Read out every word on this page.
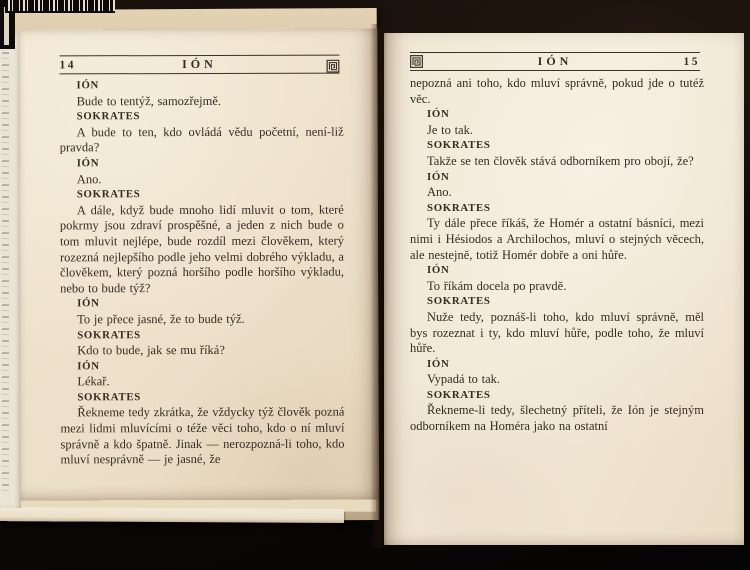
14	IÓN
IÓN

Bude to tentýž, samozřejmě.

SOKRATES

A bude to ten, kdo ovládá vědu početní, není-liž pravda?

IÓN

Ano.

SOKRATES

A dále, když bude mnoho lidí mluvit o tom, které pokrmy jsou zdraví prospěšné, a jeden z nich bude o tom mluvit nejlépe, bude rozdíl mezi člověkem, který rozezná nejlepšího podle jeho velmi dobrého výkladu, a člověkem, který pozná horšího podle horšího výkladu, nebo to bude týž?

IÓN

To je přece jasné, že to bude týž.

SOKRATES

Kdo to bude, jak se mu říká?

IÓN

Lékař.

SOKRATES

Řekneme tedy zkrátka, že vždycky týž člověk pozná mezi lidmi mluvícími o téže věci toho, kdo o ní mluví správně a kdo špatně. Jinak — nerozpozná-li toho, kdo mluví nesprávně — je jasné, že

IÓN	15

nepozná ani toho, kdo mluví správně, pokud jde o tutéž věc.

IÓN

Je to tak.

SOKRATES

Takže se ten člověk stává odborníkem pro obojí, že?

IÓN

Ano.

SOKRATES

Ty dále přece říkáš, že Homér a ostatní básníci, mezi nimi i Hésiodos a Archilochos, mluví o stejných věcech, ale nestejně, totiž Homér dobře a oni hůře.

IÓN

To říkám docela po pravdě.

SOKRATES

Nuže tedy, poznáš-li toho, kdo mluví správně, měl bys rozeznat i ty, kdo mluví hůře, podle toho, že mluví hůře.

IÓN

Vypadá to tak.

SOKRATES

Řekneme-li tedy, šlechetný příteli, že Ión je stejným odborníkem na Homéra jako na ostatní
